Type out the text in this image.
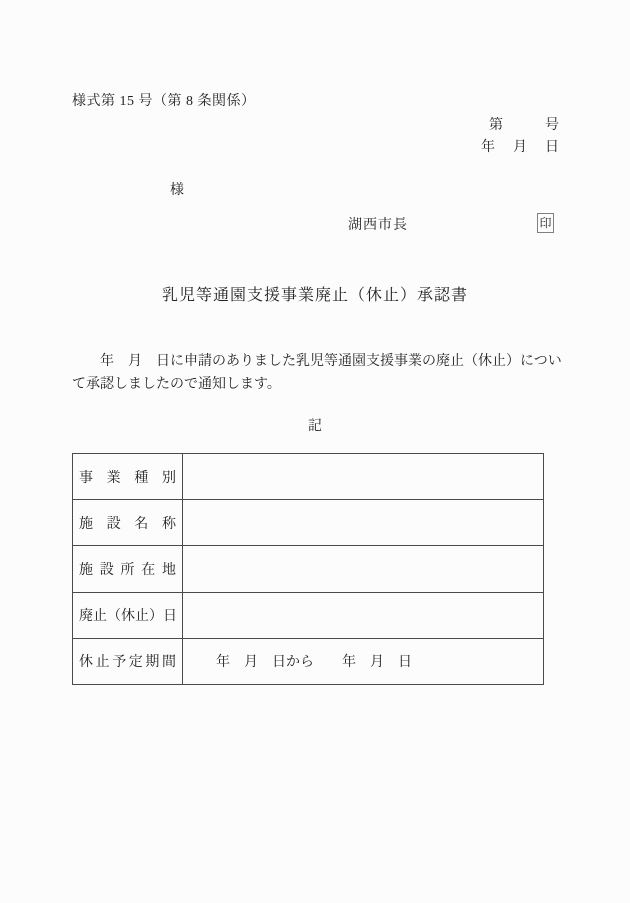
様式第 15 号（第 8 条関係）
第　　　号
年　月　日
様
湖西市長	印
乳児等通園支援事業廃止（休止）承認書
　　年　月　日に申請のありました乳児等通園支援事業の廃止（休止）につい
て承認しましたので通知します。
記
事 業 種 別
施 設 名 称
施 設 所 在 地
廃 止 （ 休 止 ） 日
休 止 予 定 期 間	年　月　日から　　年　月　日
